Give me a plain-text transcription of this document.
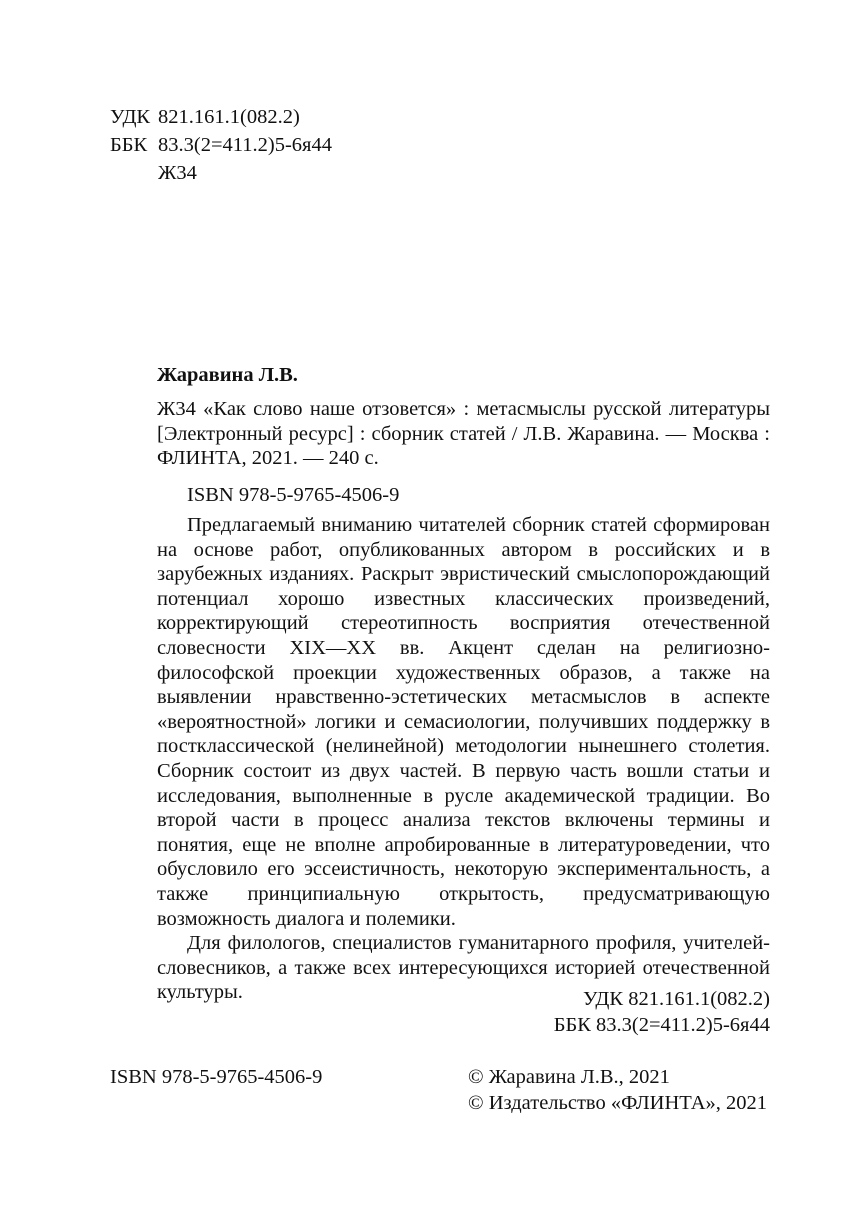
УДК 821.161.1(082.2)
ББК 83.3(2=411.2)5-6я44
Ж34
Жаравина Л.В.

Ж34 «Как слово наше отзовется» : метасмыслы русской литературы [Электронный ресурс] : сборник статей / Л.В. Жаравина. — Москва : ФЛИНТА, 2021. — 240 с.

ISBN 978-5-9765-4506-9

Предлагаемый вниманию читателей сборник статей сформирован на основе работ, опубликованных автором в российских и в зарубежных изданиях. Раскрыт эвристический смыслопорождающий потенциал хорошо известных классических произведений, корректирующий стереотипность восприятия отечественной словесности XIX—XX вв. Акцент сделан на религиозно-философской проекции художественных образов, а также на выявлении нравственно-эстетических метасмыслов в аспекте «вероятностной» логики и семасиологии, получивших поддержку в постклассической (нелинейной) методологии нынешнего столетия. Сборник состоит из двух частей. В первую часть вошли статьи и исследования, выполненные в русле академической традиции. Во второй части в процесс анализа текстов включены термины и понятия, еще не вполне апробированные в литературоведении, что обусловило его эссеистичность, некоторую экспериментальность, а также принципиальную открытость, предусматривающую возможность диалога и полемики.

Для филологов, специалистов гуманитарного профиля, учителей-словесников, а также всех интересующихся историей отечественной культуры.	УДК 821.161.1(082.2)
ББК 83.3(2=411.2)5-6я44
ISBN 978-5-9765-4506-9	© Жаравина Л.В., 2021
© Издательство «ФЛИНТА», 2021
